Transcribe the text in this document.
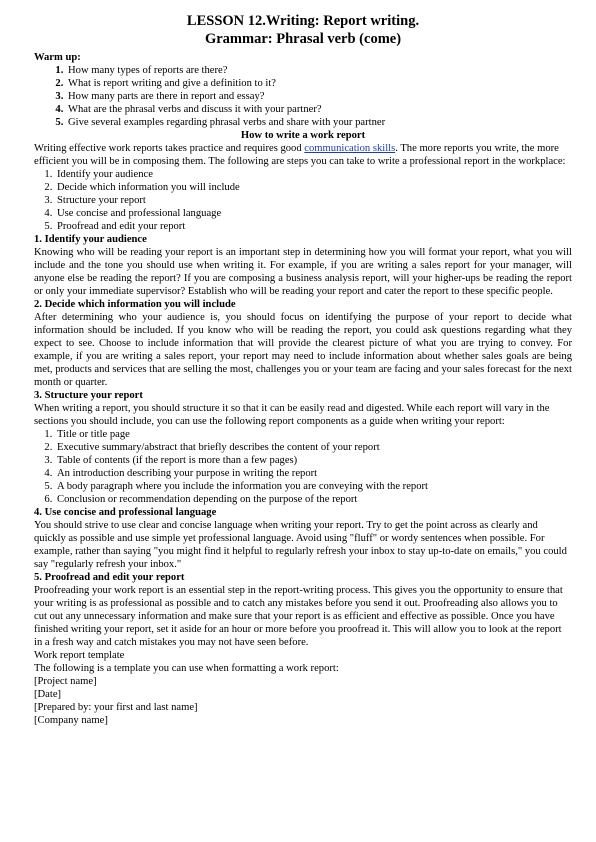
LESSON 12.Writing: Report writing.
Grammar: Phrasal verb (come)
Warm up:
1. How many types of reports are there?
2. What is report writing and give a definition to it?
3. How many parts are there in report and essay?
4. What are the phrasal verbs and discuss it with your partner?
5. Give several examples regarding phrasal verbs and share with your partner
How to write a work report
Writing effective work reports takes practice and requires good communication skills. The more reports you write, the more efficient you will be in composing them. The following are steps you can take to write a professional report in the workplace:
1. Identify your audience
2. Decide which information you will include
3. Structure your report
4. Use concise and professional language
5. Proofread and edit your report
1. Identify your audience
Knowing who will be reading your report is an important step in determining how you will format your report, what you will include and the tone you should use when writing it. For example, if you are writing a sales report for your manager, will anyone else be reading the report? If you are composing a business analysis report, will your higher-ups be reading the report or only your immediate supervisor? Establish who will be reading your report and cater the report to these specific people.
2. Decide which information you will include
After determining who your audience is, you should focus on identifying the purpose of your report to decide what information should be included. If you know who will be reading the report, you could ask questions regarding what they expect to see. Choose to include information that will provide the clearest picture of what you are trying to convey. For example, if you are writing a sales report, your report may need to include information about whether sales goals are being met, products and services that are selling the most, challenges you or your team are facing and your sales forecast for the next month or quarter.
3. Structure your report
When writing a report, you should structure it so that it can be easily read and digested. While each report will vary in the sections you should include, you can use the following report components as a guide when writing your report:
1. Title or title page
2. Executive summary/abstract that briefly describes the content of your report
3. Table of contents (if the report is more than a few pages)
4. An introduction describing your purpose in writing the report
5. A body paragraph where you include the information you are conveying with the report
6. Conclusion or recommendation depending on the purpose of the report
4. Use concise and professional language
You should strive to use clear and concise language when writing your report. Try to get the point across as clearly and quickly as possible and use simple yet professional language. Avoid using "fluff" or wordy sentences when possible. For example, rather than saying "you might find it helpful to regularly refresh your inbox to stay up-to-date on emails," you could say "regularly refresh your inbox."
5. Proofread and edit your report
Proofreading your work report is an essential step in the report-writing process. This gives you the opportunity to ensure that your writing is as professional as possible and to catch any mistakes before you send it out. Proofreading also allows you to cut out any unnecessary information and make sure that your report is as efficient and effective as possible. Once you have finished writing your report, set it aside for an hour or more before you proofread it. This will allow you to look at the report in a fresh way and catch mistakes you may not have seen before.
Work report template
The following is a template you can use when formatting a work report:
[Project name]
[Date]
[Prepared by: your first and last name]
[Company name]
